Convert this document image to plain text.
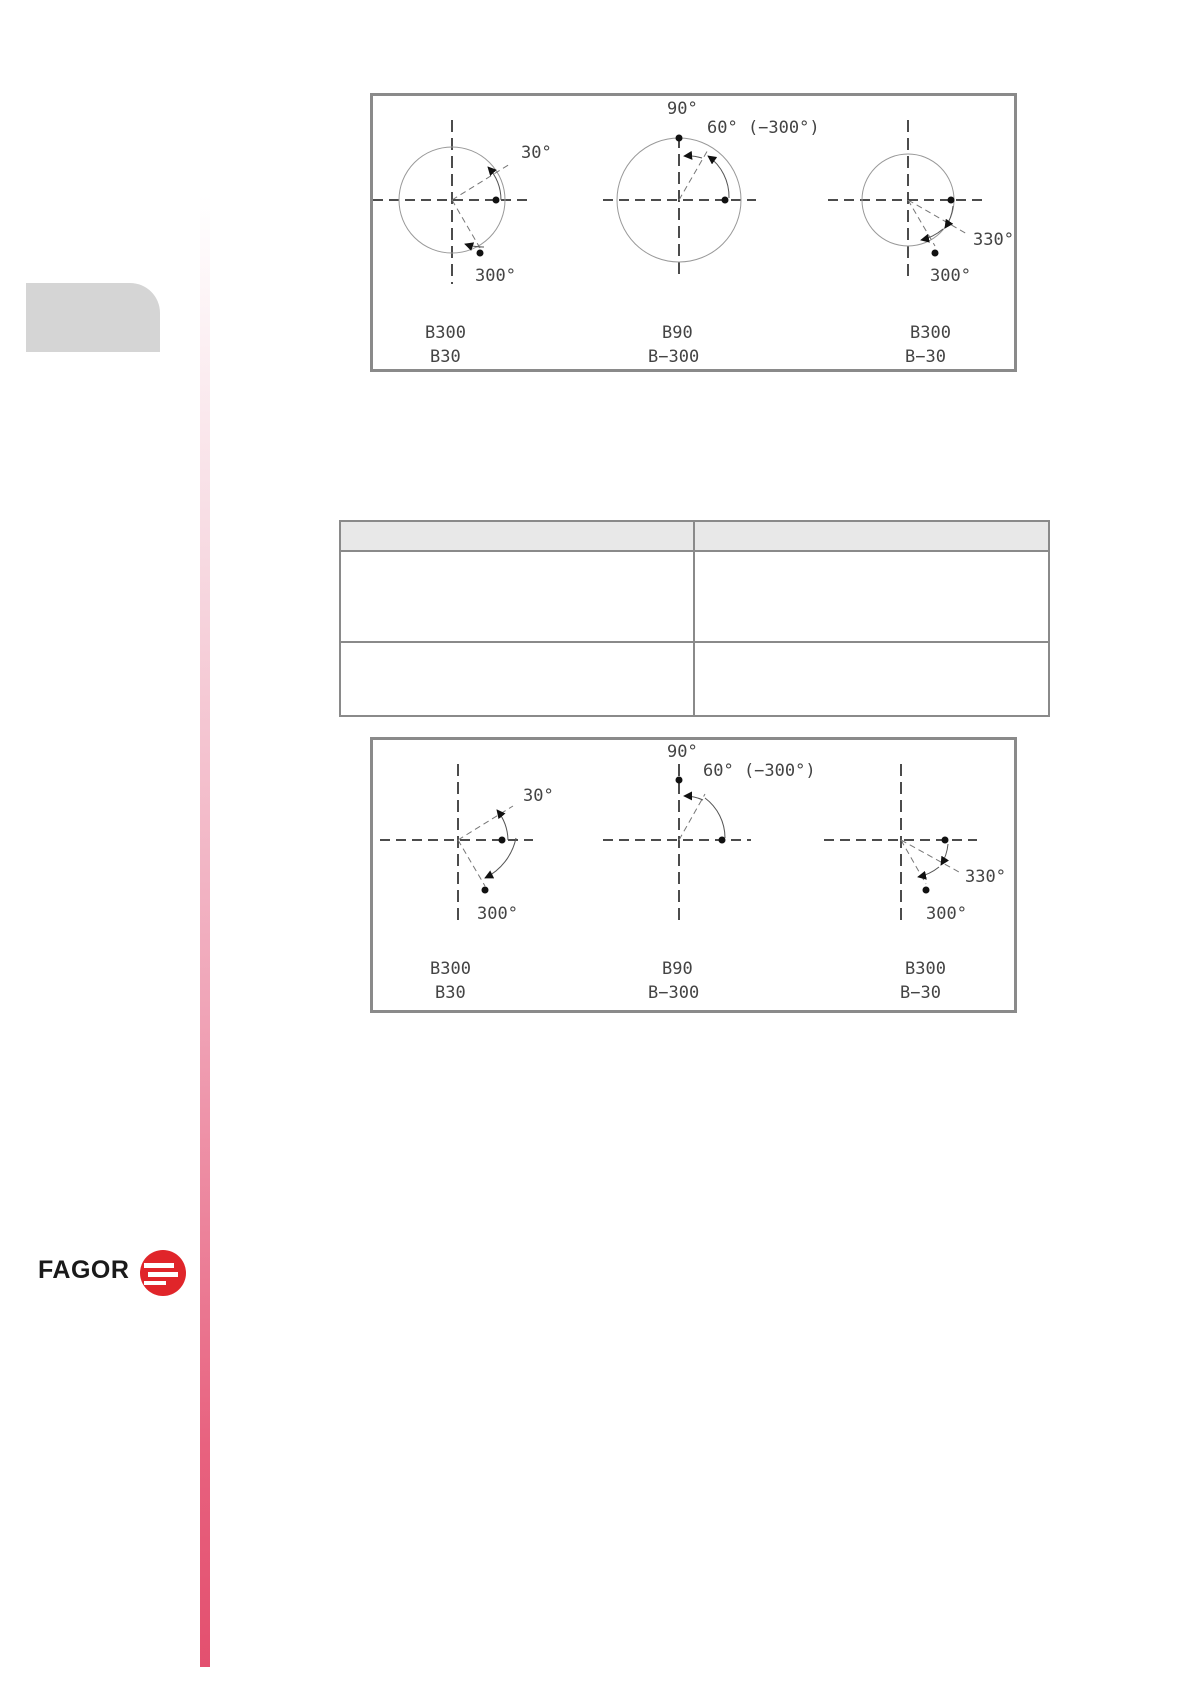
30°
300°
B300
B30
90°
60° (−300°)
B90
B−300
330°
300°
B300
B−30
30°
300°
B300
B30
90°
60° (−300°)
B90
B−300
330°
300°
B300
B−30
FAGOR
